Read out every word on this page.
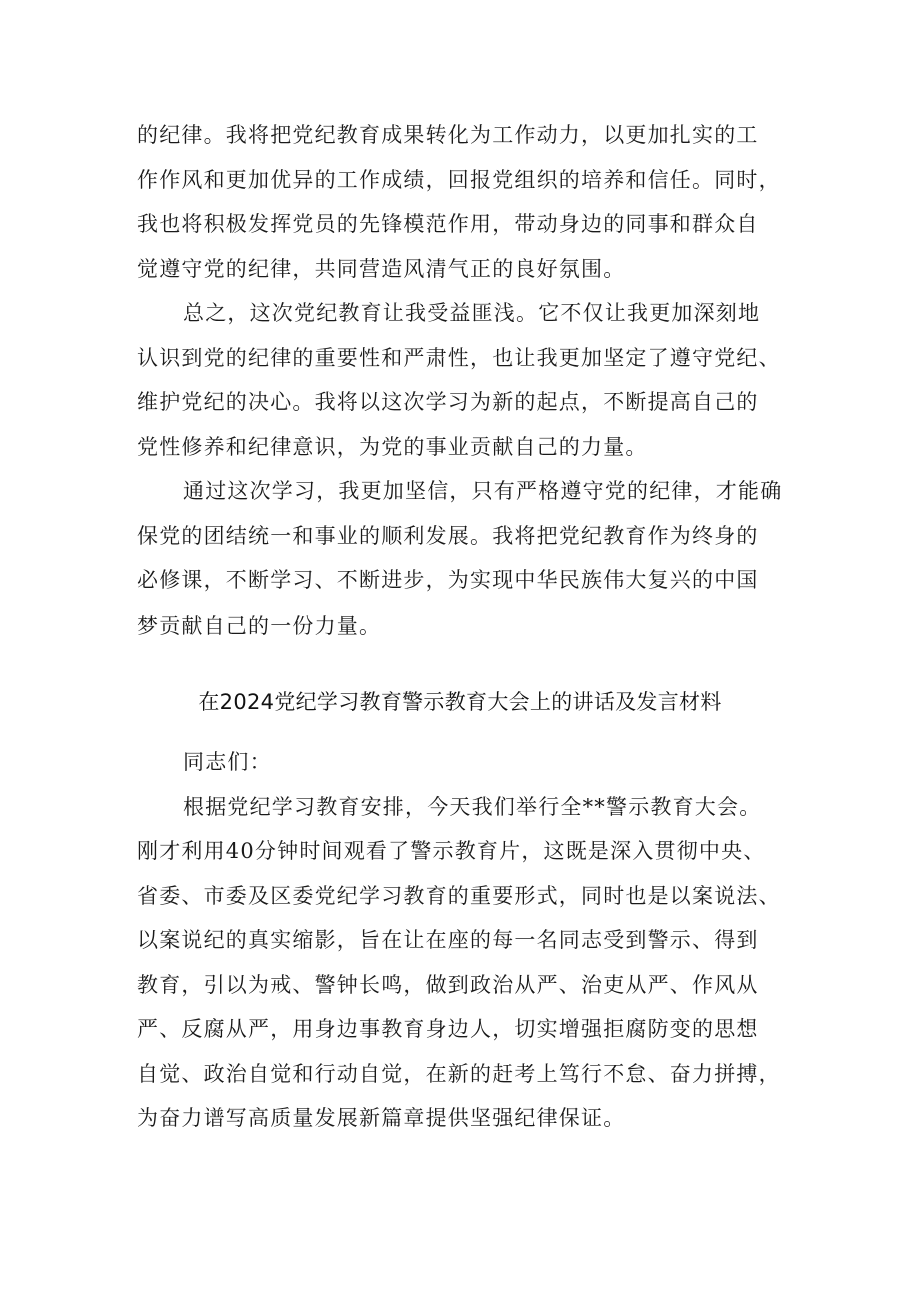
的纪律。我将把党纪教育成果转化为工作动力，以更加扎实的工
作作风和更加优异的工作成绩，回报党组织的培养和信任。同时，
我也将积极发挥党员的先锋模范作用，带动身边的同事和群众自
觉遵守党的纪律，共同营造风清气正的良好氛围。
总之，这次党纪教育让我受益匪浅。它不仅让我更加深刻地
认识到党的纪律的重要性和严肃性，也让我更加坚定了遵守党纪、
维护党纪的决心。我将以这次学习为新的起点，不断提高自己的
党性修养和纪律意识，为党的事业贡献自己的力量。
通过这次学习，我更加坚信，只有严格遵守党的纪律，才能确
保党的团结统一和事业的顺利发展。我将把党纪教育作为终身的
必修课，不断学习、不断进步，为实现中华民族伟大复兴的中国
梦贡献自己的一份力量。
在2024党纪学习教育警示教育大会上的讲话及发言材料
同志们：
根据党纪学习教育安排，今天我们举行全**警示教育大会。
刚才利用40分钟时间观看了警示教育片，这既是深入贯彻中央、
省委、市委及区委党纪学习教育的重要形式，同时也是以案说法、
以案说纪的真实缩影，旨在让在座的每一名同志受到警示、得到
教育，引以为戒、警钟长鸣，做到政治从严、治吏从严、作风从
严、反腐从严，用身边事教育身边人，切实增强拒腐防变的思想
自觉、政治自觉和行动自觉，在新的赶考上笃行不怠、奋力拼搏，
为奋力谱写高质量发展新篇章提供坚强纪律保证。
